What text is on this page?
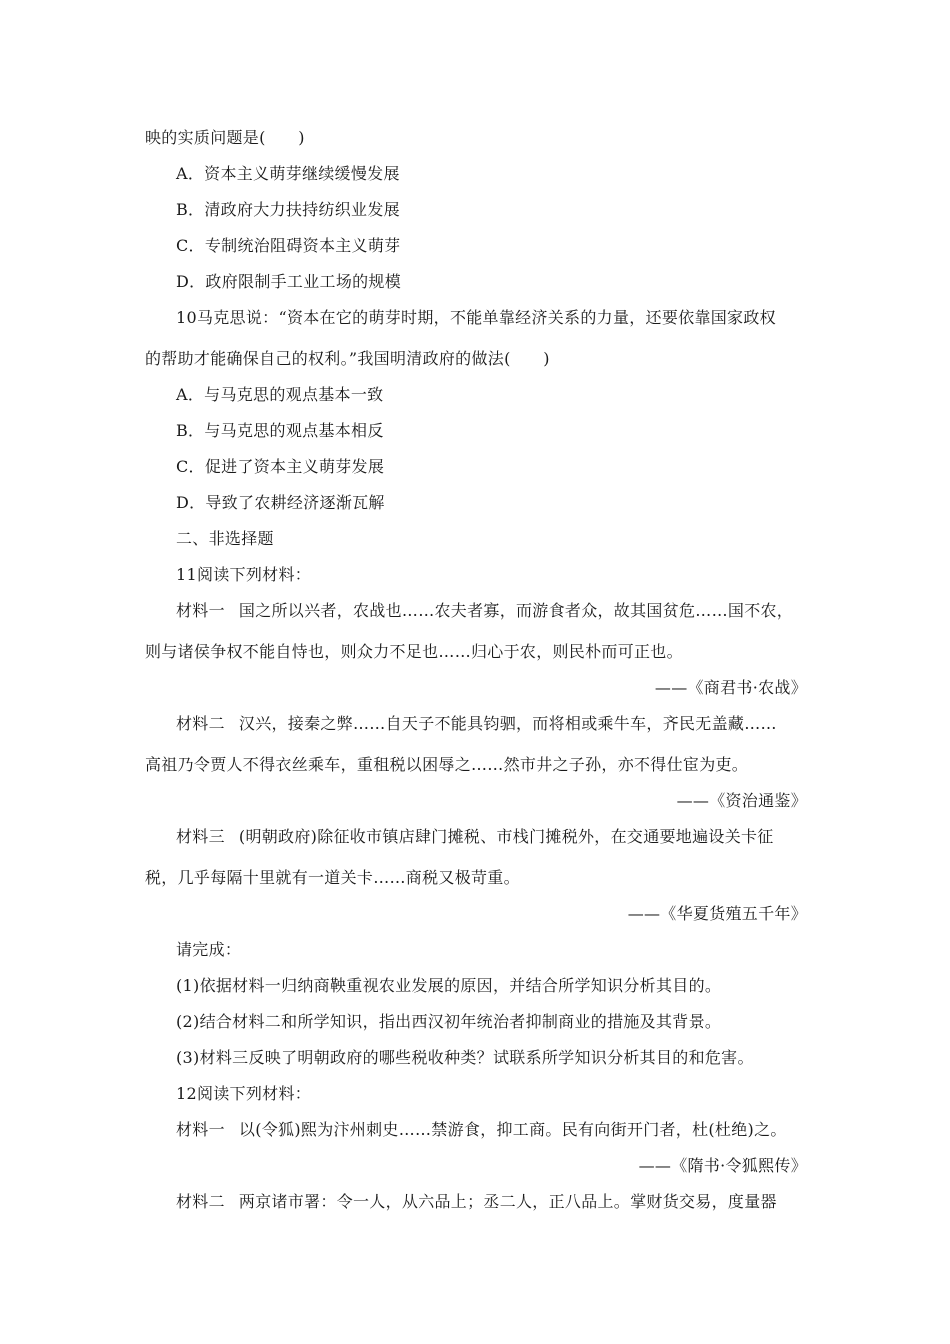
映的实质问题是(　　)
A．资本主义萌芽继续缓慢发展
B．清政府大力扶持纺织业发展
C．专制统治阻碍资本主义萌芽
D．政府限制手工业工场的规模
10马克思说：“资本在它的萌芽时期，不能单靠经济关系的力量，还要依靠国家政权
的帮助才能确保自己的权利。”我国明清政府的做法(　　)
A．与马克思的观点基本一致
B．与马克思的观点基本相反
C．促进了资本主义萌芽发展
D．导致了农耕经济逐渐瓦解
二、非选择题
11阅读下列材料：
材料一 国之所以兴者，农战也……农夫者寡，而游食者众，故其国贫危……国不农，
则与诸侯争权不能自恃也，则众力不足也……归心于农，则民朴而可正也。
——《商君书·农战》
材料二 汉兴，接秦之弊……自天子不能具钧驷，而将相或乘牛车，齐民无盖藏……
高祖乃令贾人不得衣丝乘车，重租税以困辱之……然市井之子孙，亦不得仕宦为吏。
——《资治通鉴》
材料三 (明朝政府)除征收市镇店肆门摊税、市栈门摊税外，在交通要地遍设关卡征
税，几乎每隔十里就有一道关卡……商税又极苛重。
——《华夏货殖五千年》
请完成：
(1)依据材料一归纳商鞅重视农业发展的原因，并结合所学知识分析其目的。
(2)结合材料二和所学知识，指出西汉初年统治者抑制商业的措施及其背景。
(3)材料三反映了明朝政府的哪些税收种类？试联系所学知识分析其目的和危害。
12阅读下列材料：
材料一 以(令狐)熙为汴州刺史……禁游食，抑工商。民有向街开门者，杜(杜绝)之。
——《隋书·令狐熙传》
材料二 两京诸市署：令一人，从六品上；丞二人，正八品上。掌财货交易，度量器
